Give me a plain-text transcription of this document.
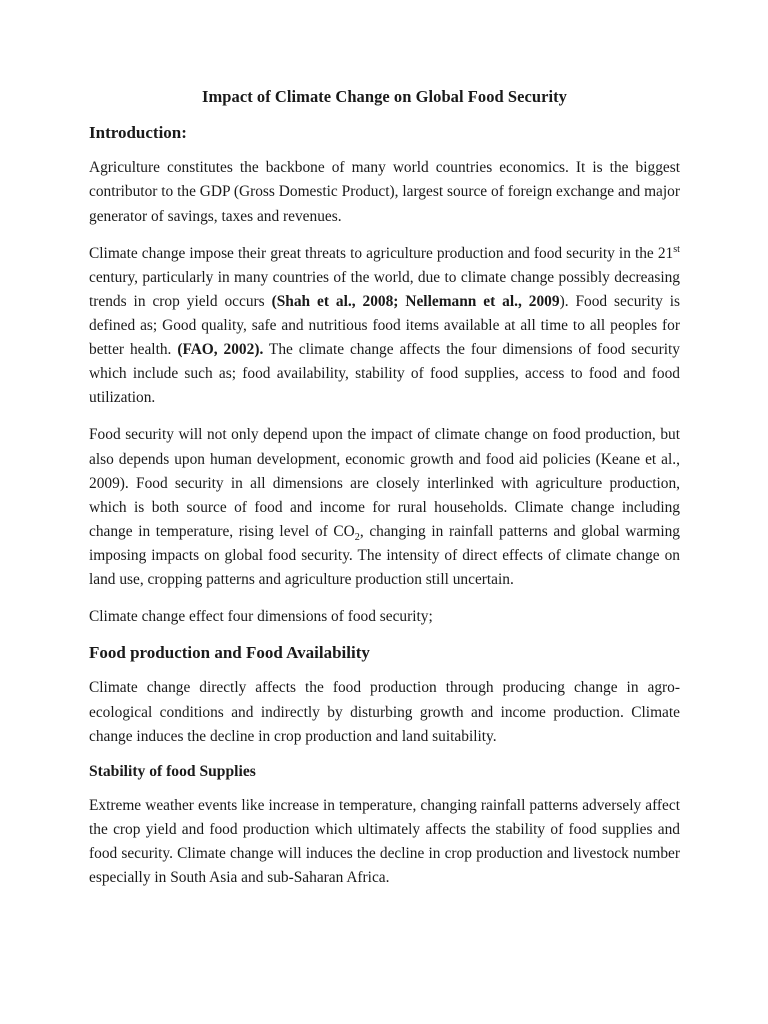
Impact of Climate Change on Global Food Security
Introduction:

Agriculture constitutes the backbone of many world countries economics. It is the biggest contributor to the GDP (Gross Domestic Product), largest source of foreign exchange and major generator of savings, taxes and revenues.

Climate change impose their great threats to agriculture production and food security in the 21st century, particularly in many countries of the world, due to climate change possibly decreasing trends in crop yield occurs (Shah et al., 2008; Nellemann et al., 2009). Food security is defined as; Good quality, safe and nutritious food items available at all time to all peoples for better health. (FAO, 2002). The climate change affects the four dimensions of food security which include such as; food availability, stability of food supplies, access to food and food utilization.

Food security will not only depend upon the impact of climate change on food production, but also depends upon human development, economic growth and food aid policies (Keane et al., 2009). Food security in all dimensions are closely interlinked with agriculture production, which is both source of food and income for rural households. Climate change including change in temperature, rising level of $CO_2$, changing in rainfall patterns and global warming imposing impacts on global food security. The intensity of direct effects of climate change on land use, cropping patterns and agriculture production still uncertain.

Climate change effect four dimensions of food security;

Food production and Food Availability

Climate change directly affects the food production through producing change in agro-ecological conditions and indirectly by disturbing growth and income production. Climate change induces the decline in crop production and land suitability.

Stability of food Supplies

Extreme weather events like increase in temperature, changing rainfall patterns adversely affect the crop yield and food production which ultimately affects the stability of food supplies and food security. Climate change will induces the decline in crop production and livestock number especially in South Asia and sub-Saharan Africa.
